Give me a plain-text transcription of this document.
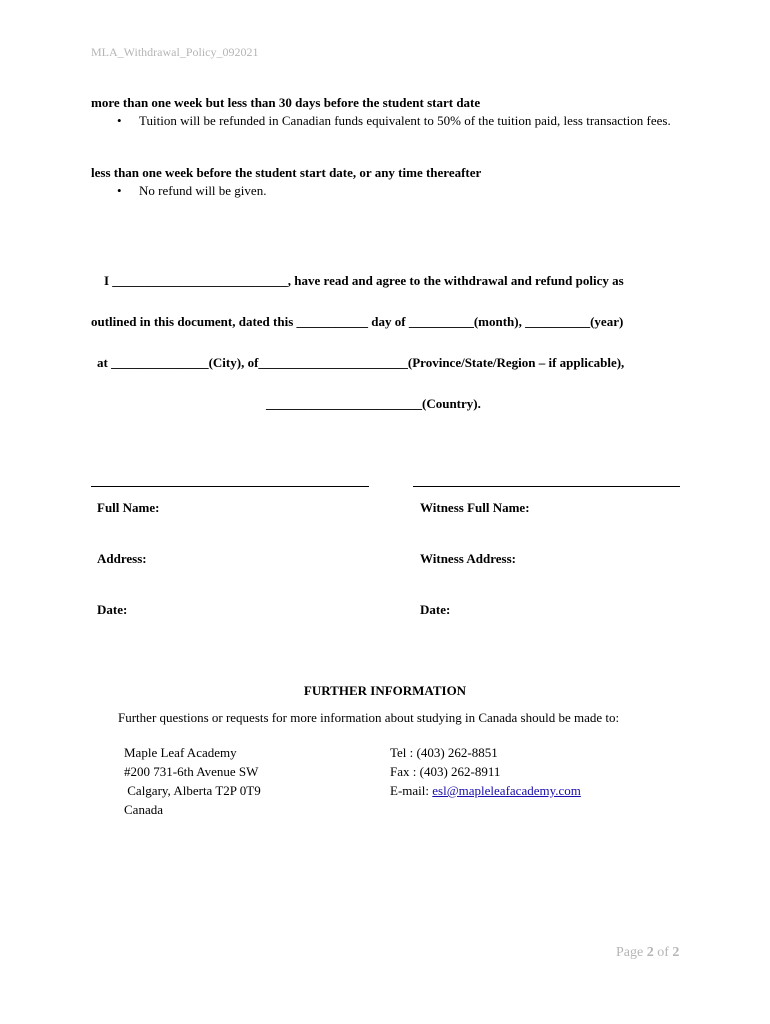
MLA_Withdrawal_Policy_092021
more than one week but less than 30 days before the student start date
• Tuition will be refunded in Canadian funds equivalent to 50% of the tuition paid, less transaction fees.
less than one week before the student start date, or any time thereafter
• No refund will be given.
I ___________________________, have read and agree to the withdrawal and refund policy as
outlined in this document, dated this ___________ day of __________(month), __________(year)
at _______________(City), of_______________________(Province/State/Region – if applicable),
________________________(Country).
Full Name:	Witness Full Name:
Address:	Witness Address:
Date:	Date:
FURTHER INFORMATION
Further questions or requests for more information about studying in Canada should be made to:
Maple Leaf Academy
#200 731-6th Avenue SW
Calgary, Alberta T2P 0T9
Canada
Tel : (403) 262-8851
Fax : (403) 262-8911
E-mail: esl@mapleleafacademy.com
Page 2 of 2
